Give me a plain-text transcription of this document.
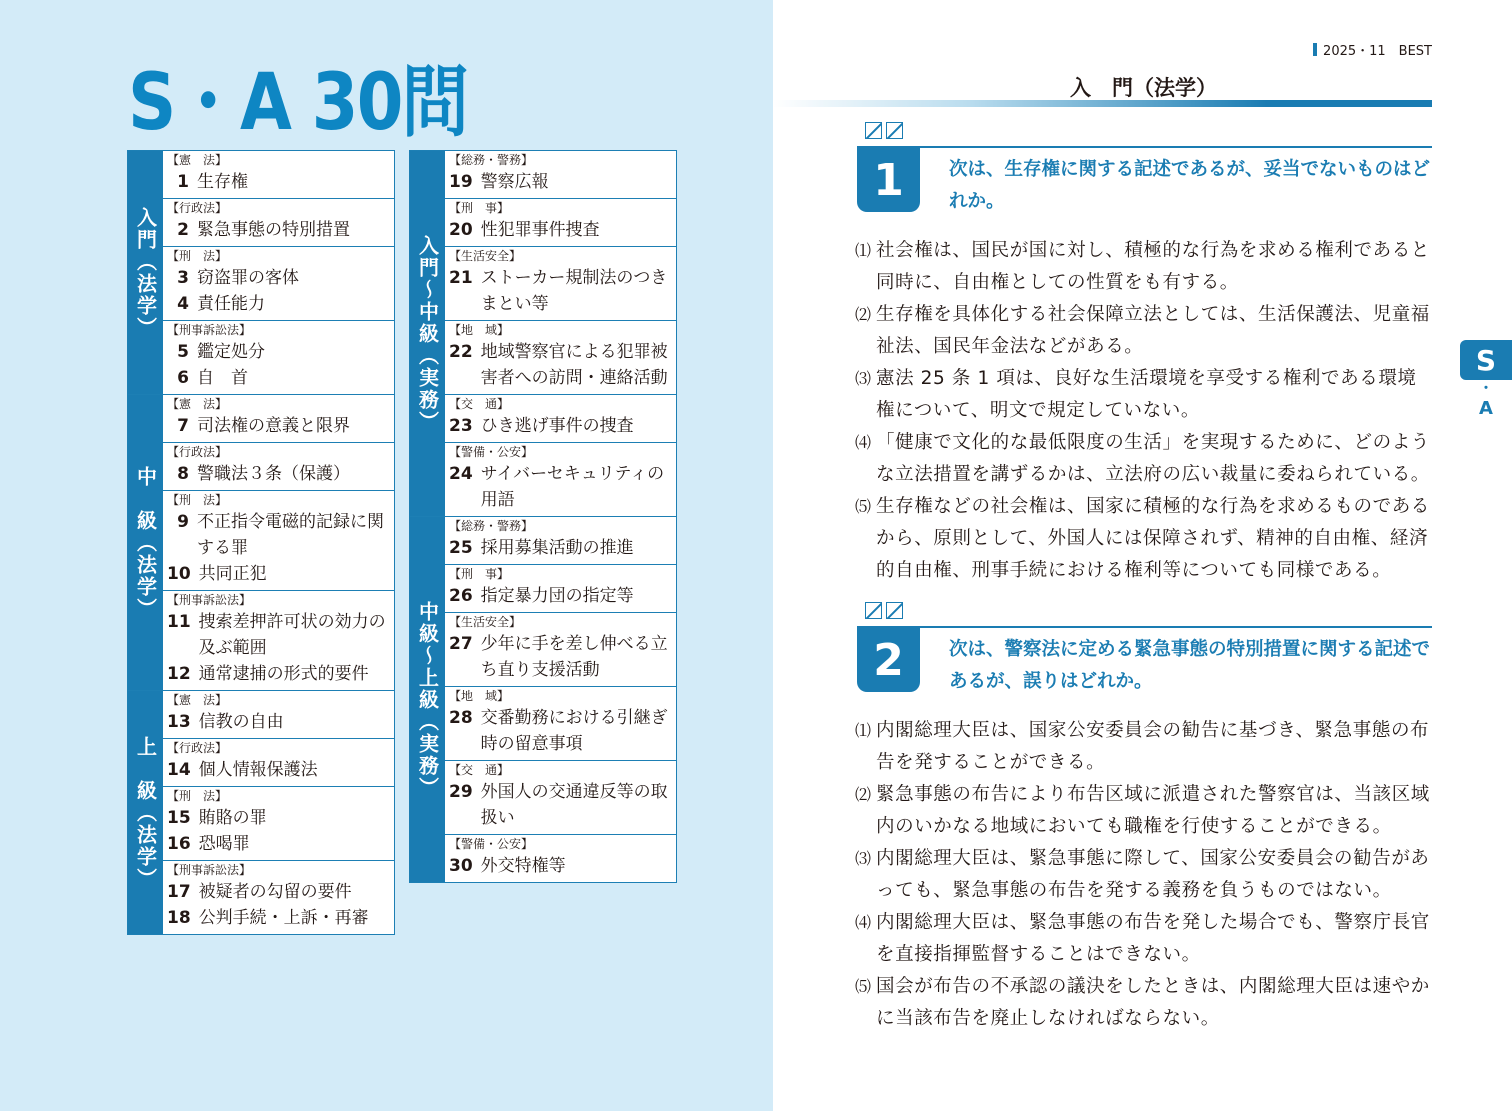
S・A 30問
入門（法学）
【憲　法】
1 生存権
【行政法】
2 緊急事態の特別措置
【刑　法】
3 窃盗罪の客体
4 責任能力
【刑事訴訟法】
5 鑑定処分
6 自　首
中　級（法学）
【憲　法】
7 司法権の意義と限界
【行政法】
8 警職法３条（保護）
【刑　法】
9 不正指令電磁的記録に関する罪
10 共同正犯
【刑事訴訟法】
11 捜索差押許可状の効力の及ぶ範囲
12 通常逮捕の形式的要件
上　級（法学）
【憲　法】
13 信教の自由
【行政法】
14 個人情報保護法
【刑　法】
15 賄賂の罪
16 恐喝罪
【刑事訴訟法】
17 被疑者の勾留の要件
18 公判手続・上訴・再審
入門〜中級（実務）
【総務・警務】
19 警察広報
【刑　事】
20 性犯罪事件捜査
【生活安全】
21 ストーカー規制法のつきまとい等
【地　域】
22 地域警察官による犯罪被害者への訪問・連絡活動
【交　通】
23 ひき逃げ事件の捜査
【警備・公安】
24 サイバーセキュリティの用語
中級〜上級（実務）
【総務・警務】
25 採用募集活動の推進
【刑　事】
26 指定暴力団の指定等
【生活安全】
27 少年に手を差し伸べる立ち直り支援活動
【地　域】
28 交番勤務における引継ぎ時の留意事項
【交　通】
29 外国人の交通違反等の取扱い
【警備・公安】
30 外交特権等
2025・11　BEST
入　門（法学）
1	次は、生存権に関する記述であるが、妥当でないものはどれか。
⑴ 社会権は、国民が国に対し、積極的な行為を求める権利であると同時に、自由権としての性質をも有する。
⑵ 生存権を具体化する社会保障立法としては、生活保護法、児童福祉法、国民年金法などがある。
⑶ 憲法 25 条 1 項は、良好な生活環境を享受する権利である環境権について、明文で規定していない。
⑷ 「健康で文化的な最低限度の生活」を実現するために、どのような立法措置を講ずるかは、立法府の広い裁量に委ねられている。
⑸ 生存権などの社会権は、国家に積極的な行為を求めるものであるから、原則として、外国人には保障されず、精神的自由権、経済的自由権、刑事手続における権利等についても同様である。
2	次は、警察法に定める緊急事態の特別措置に関する記述であるが、誤りはどれか。
⑴ 内閣総理大臣は、国家公安委員会の勧告に基づき、緊急事態の布告を発することができる。
⑵ 緊急事態の布告により布告区域に派遣された警察官は、当該区域内のいかなる地域においても職権を行使することができる。
⑶ 内閣総理大臣は、緊急事態に際して、国家公安委員会の勧告があっても、緊急事態の布告を発する義務を負うものではない。
⑷ 内閣総理大臣は、緊急事態の布告を発した場合でも、警察庁長官を直接指揮監督することはできない。
⑸ 国会が布告の不承認の議決をしたときは、内閣総理大臣は速やかに当該布告を廃止しなければならない。
S
・
A
